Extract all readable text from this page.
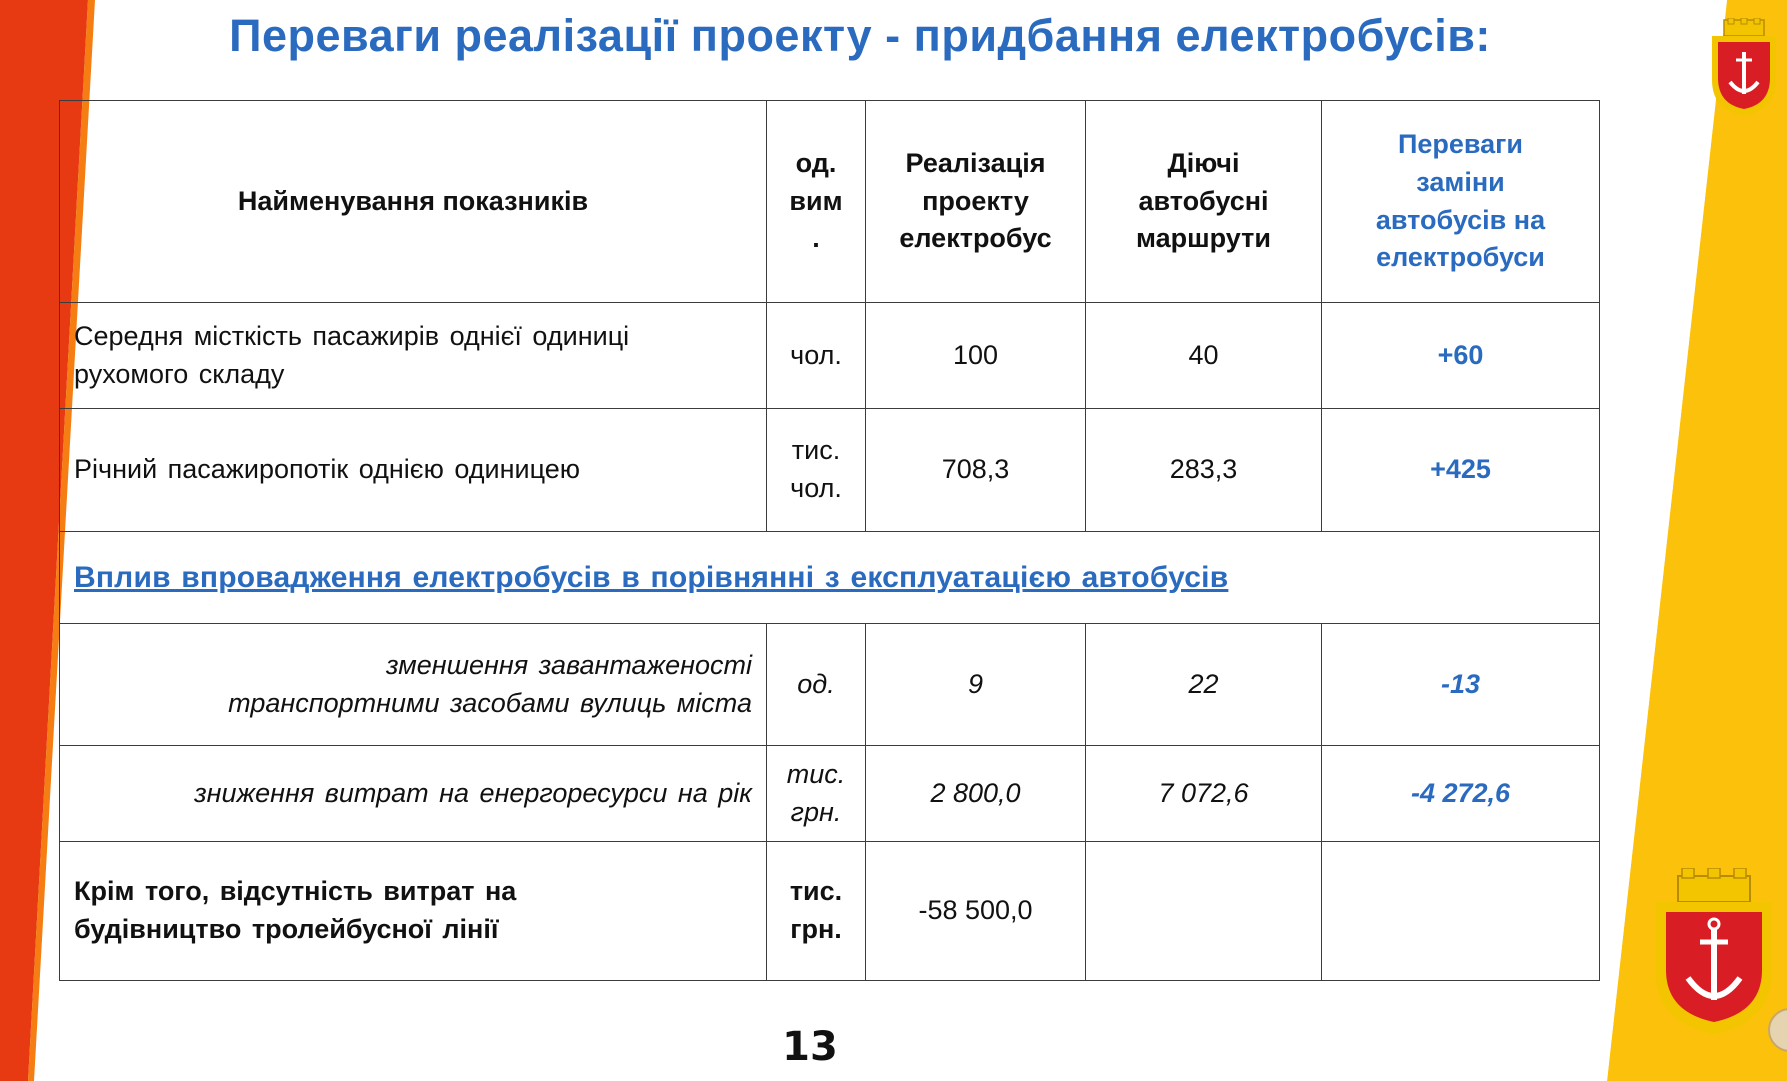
Переваги реалізації проекту - придбання електробусів:
Найменування показників	од.
вим
.	Реалізація
проекту
електробус	Діючі
автобусні
маршрути	Переваги
заміни
автобусів на
електробуси
Середня місткість пасажирів однієї одиниці
рухомого складу	чол.	100	40	+60
Річний пасажиропотік однією одиницею	тис.
чол.	708,3	283,3	+425
Вплив впровадження електробусів в порівнянні з експлуатацією автобусів				
зменшення завантаженості
транспортними засобами вулиць міста	од.	9	22	-13
зниження витрат на енергоресурси на рік	тис.
грн.	2 800,0	7 072,6	-4 272,6
Крім того, відсутність витрат на
будівництво тролейбусної лінії	тис.
грн.	-58 500,0		

13
